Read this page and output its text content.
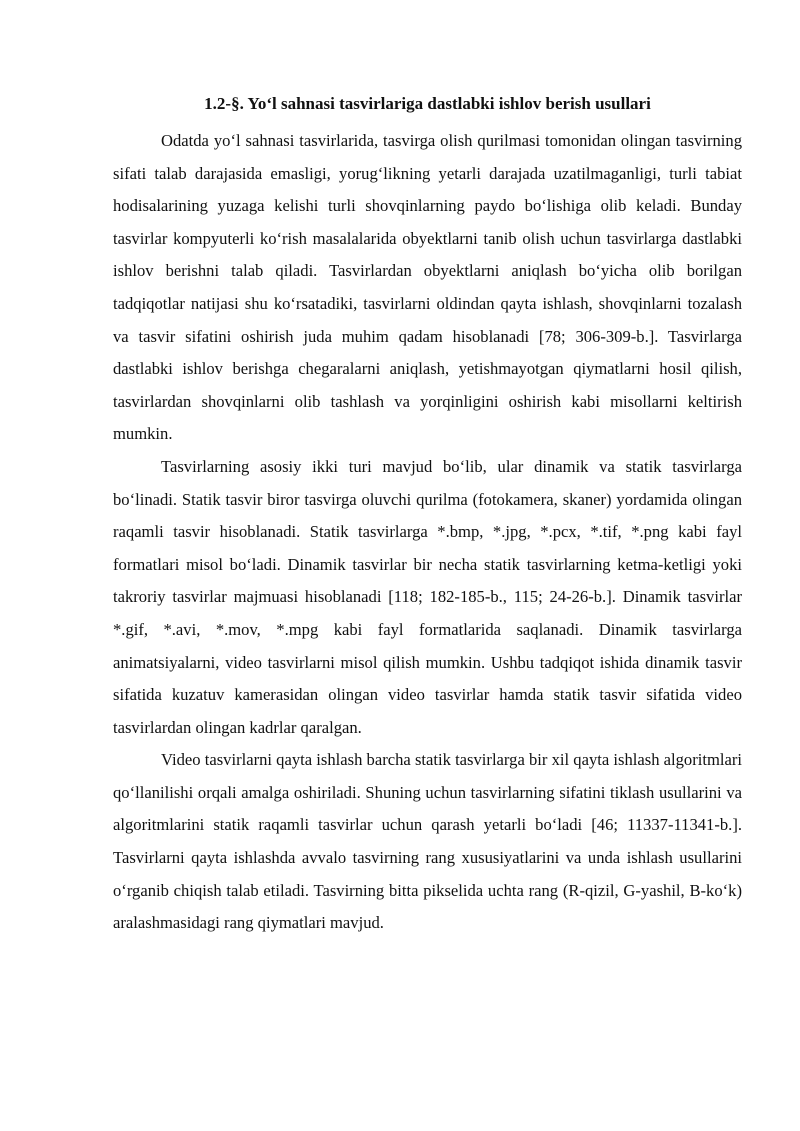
1.2-§. Yo‘l sahnasi tasvirlariga dastlabki ishlov berish usullari

Odatda yo‘l sahnasi tasvirlarida, tasvirga olish qurilmasi tomonidan olingan tasvirning sifati talab darajasida emasligi, yorug‘likning yetarli darajada uzatilmaganligi, turli tabiat hodisalarining yuzaga kelishi turli shovqinlarning paydo bo‘lishiga olib keladi. Bunday tasvirlar kompyuterli ko‘rish masalalarida obyektlarni tanib olish uchun tasvirlarga dastlabki ishlov berishni talab qiladi. Tasvirlardan obyektlarni aniqlash bo‘yicha olib borilgan tadqiqotlar natijasi shu ko‘rsatadiki, tasvirlarni oldindan qayta ishlash, shovqinlarni tozalash va tasvir sifatini oshirish juda muhim qadam hisoblanadi [78; 306-309-b.]. Tasvirlarga dastlabki ishlov berishga chegaralarni aniqlash, yetishmayotgan qiymatlarni hosil qilish, tasvirlardan shovqinlarni olib tashlash va yorqinligini oshirish kabi misollarni keltirish mumkin.

Tasvirlarning asosiy ikki turi mavjud bo‘lib, ular dinamik va statik tasvirlarga bo‘linadi. Statik tasvir biror tasvirga oluvchi qurilma (fotokamera, skaner) yordamida olingan raqamli tasvir hisoblanadi. Statik tasvirlarga *.bmp, *.jpg, *.pcx, *.tif, *.png kabi fayl formatlari misol bo‘ladi. Dinamik tasvirlar bir necha statik tasvirlarning ketma-ketligi yoki takroriy tasvirlar majmuasi hisoblanadi [118; 182-185-b., 115; 24-26-b.]. Dinamik tasvirlar *.gif, *.avi, *.mov, *.mpg kabi fayl formatlarida saqlanadi. Dinamik tasvirlarga animatsiyalarni, video tasvirlarni misol qilish mumkin. Ushbu tadqiqot ishida dinamik tasvir sifatida kuzatuv kamerasidan olingan video tasvirlar hamda statik tasvir sifatida video tasvirlardan olingan kadrlar qaralgan.

Video tasvirlarni qayta ishlash barcha statik tasvirlarga bir xil qayta ishlash algoritmlari qo‘llanilishi orqali amalga oshiriladi. Shuning uchun tasvirlarning sifatini tiklash usullarini va algoritmlarini statik raqamli tasvirlar uchun qarash yetarli bo‘ladi [46; 11337-11341-b.]. Tasvirlarni qayta ishlashda avvalo tasvirning rang xususiyatlarini va unda ishlash usullarini o‘rganib chiqish talab etiladi. Tasvirning bitta pikselida uchta rang (R-qizil, G-yashil, B-ko‘k) aralashmasidagi rang qiymatlari mavjud.
